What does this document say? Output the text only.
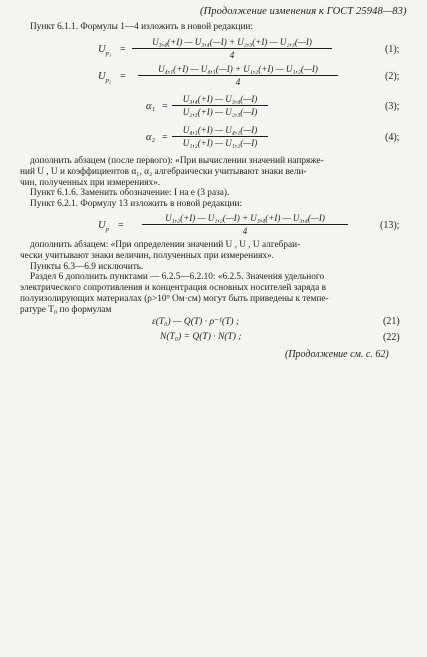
(Продолжение изменения к ГОСТ 25948—83)
Пункт 6.1.1. Формулы 1—4 изложить в новой редакции:
$U_{p_1} = \frac{\text{U₃,₄(+I) — U₃,₄(—I) + U₂,₃(+I) — U₂,₃(—I)}}{4}$	(1);
$U_{p_2} = \frac{\text{U₄,₁(+I) — U₄,₁(—I) + U₁,₂(+I) — U₁,₂(—I)}}{4}$	(2);
$\alpha_1 = \frac{\text{U₃,₄(+I) — U₃,₄(—I)}}{\text{U₂,₃(+I) — U₂,₃(—I)}}$	(3);
$\alpha_2 = \frac{\text{U₄,₁(+I) — U₄,₁(—I)}}{\text{U₁,₂(+I) — U₁,₂(—I)}}$	(4);
дополнить абзацем (после первого): «При вычислении значений напряже-
ний U , U и коэффициентов α₁, α₂ алгебраически учитывают знаки вели-
чин, полученных при измерениях».
Пункт 6.1.6. Заменить обозначение: I на e (3 раза).
Пункт 6.2.1. Формулу 13 изложить в новой редакции:
$U_p = \frac{\text{U₁,₂(+I) — U₁,₂(—I) + U₃,₄(+I) — U₃,₄(—I)}}{4}$	(13);
дополнить абзацем: «При определении значений U , U , U алгебраи-
чески учитывают знаки величин, полученных при измерениях».
Пункты 6.3—6.9 исключить.
Раздел 6 дополнить пунктами — 6.2.5—6.2.10: «6.2.5. Значения удельного
электрического сопротивления и концентрация основных носителей заряда в
полуизолирующих материалах (ρ>10⁹ Ом·см) могут быть приведены к темпе-
ратуре T₀ по формулам
ε(T₀) — Q(T) · ρ⁻¹(T) ;	(21)
N(T₀) = Q(T) · N(T) ;	(22)
(Продолжение см. с. 62)
